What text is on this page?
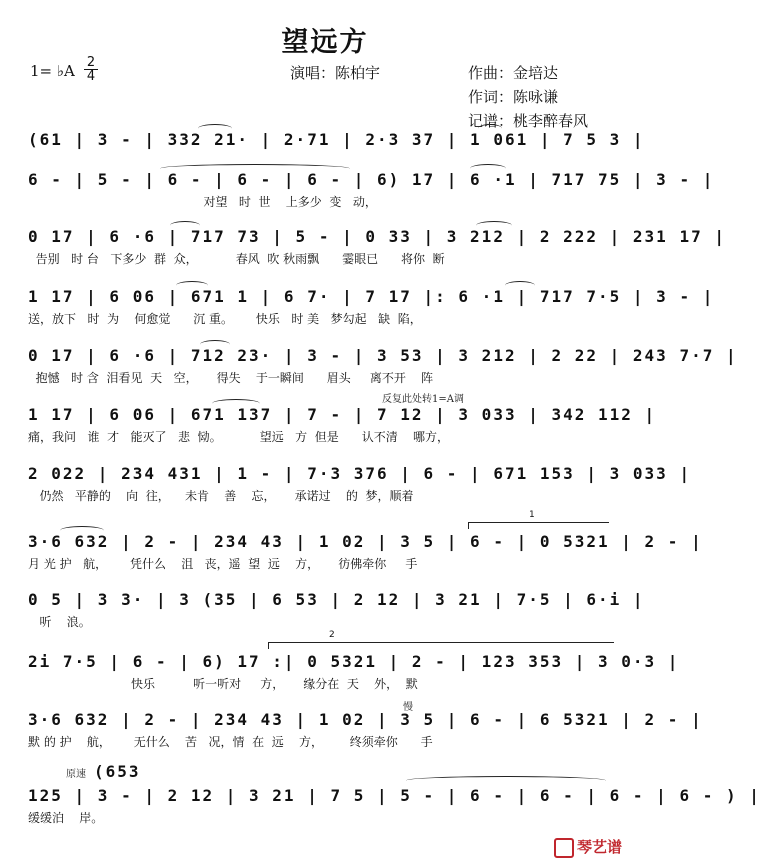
望远方
1= ♭A 2
4	演唱：陈柏宇	作曲：金培达
作词：陈咏谦
记谱：桃李醉春风
(61 | 3 - | 332 21· | 2·71 | 2·3 37 | 1 061 | 7 5 3 |
6 - | 5 - | 6 - | 6 - | 6 - | 6) 17 | 6 ·1 | 717 75 | 3 - |
对望   时  世    上多少  变   动，
0 17 | 6 ·6 | 717 73 | 5 - | 0 33 | 3 212 | 2 222 | 231 17 |
告别   时 台   下多少  群  众，          春风  吹 秋雨飘      霎眼已      将你  断
1 17 | 6 06 | 671 1 | 6 7· | 7 17 |: 6 ·1 | 717 7·5 | 3 - |
送，放下   时  为    何愈觉      沉 重。      快乐   时 美   梦勾起   缺  陷，
0 17 | 6 ·6 | 712 23· | 3 - | 3 53 | 3 212 | 2 22 | 243 7·7 |
抱憾   时 含  泪看见  天   空，     得失    于一瞬间      眉头     离不开    阵
反复此处转1=A调
1 17 | 6 06 | 671 137 | 7 - | 7 12 | 3 033 | 342 112 |
痛，我问   谁  才   能灭了   悲  恸。          望远   方  但是      认不清    哪方，
2 022 | 234 431 | 1 - | 7·3 376 | 6 - | 671 153 | 3 033 |
仍然   平静的    向  往，    未肯    善    忘，     承诺过    的  梦，顺着
1
3·6 632 | 2 - | 234 43 | 1 02 | 3 5 | 6 - | 0 5321 | 2 - |
月 光 护   航，      凭什么    沮   丧，遥  望  远    方，     彷佛牵你     手
0 5 | 3 3· | 3 (35 | 6 53 | 2 12 | 3 21 | 7·5 | 6·i |
听    浪。
2
2i 7·5 | 6 - | 6) 17 :| 0 5321 | 2 - | 123 353 | 3 0·3 |
快乐          听一听对     方，     缘分在  天    外，  默
慢
3·6 632 | 2 - | 234 43 | 1 02 | 3 5 | 6 - | 6 5321 | 2 - |
默 的 护    航，      无什么    苦   况，情  在  远    方，       终须牵你      手
原速 (653
125 | 3 - | 2 12 | 3 21 | 7 5 | 5 - | 6 - | 6 - | 6 - | 6 - ) |
缓缓泊    岸。
琴艺谱
